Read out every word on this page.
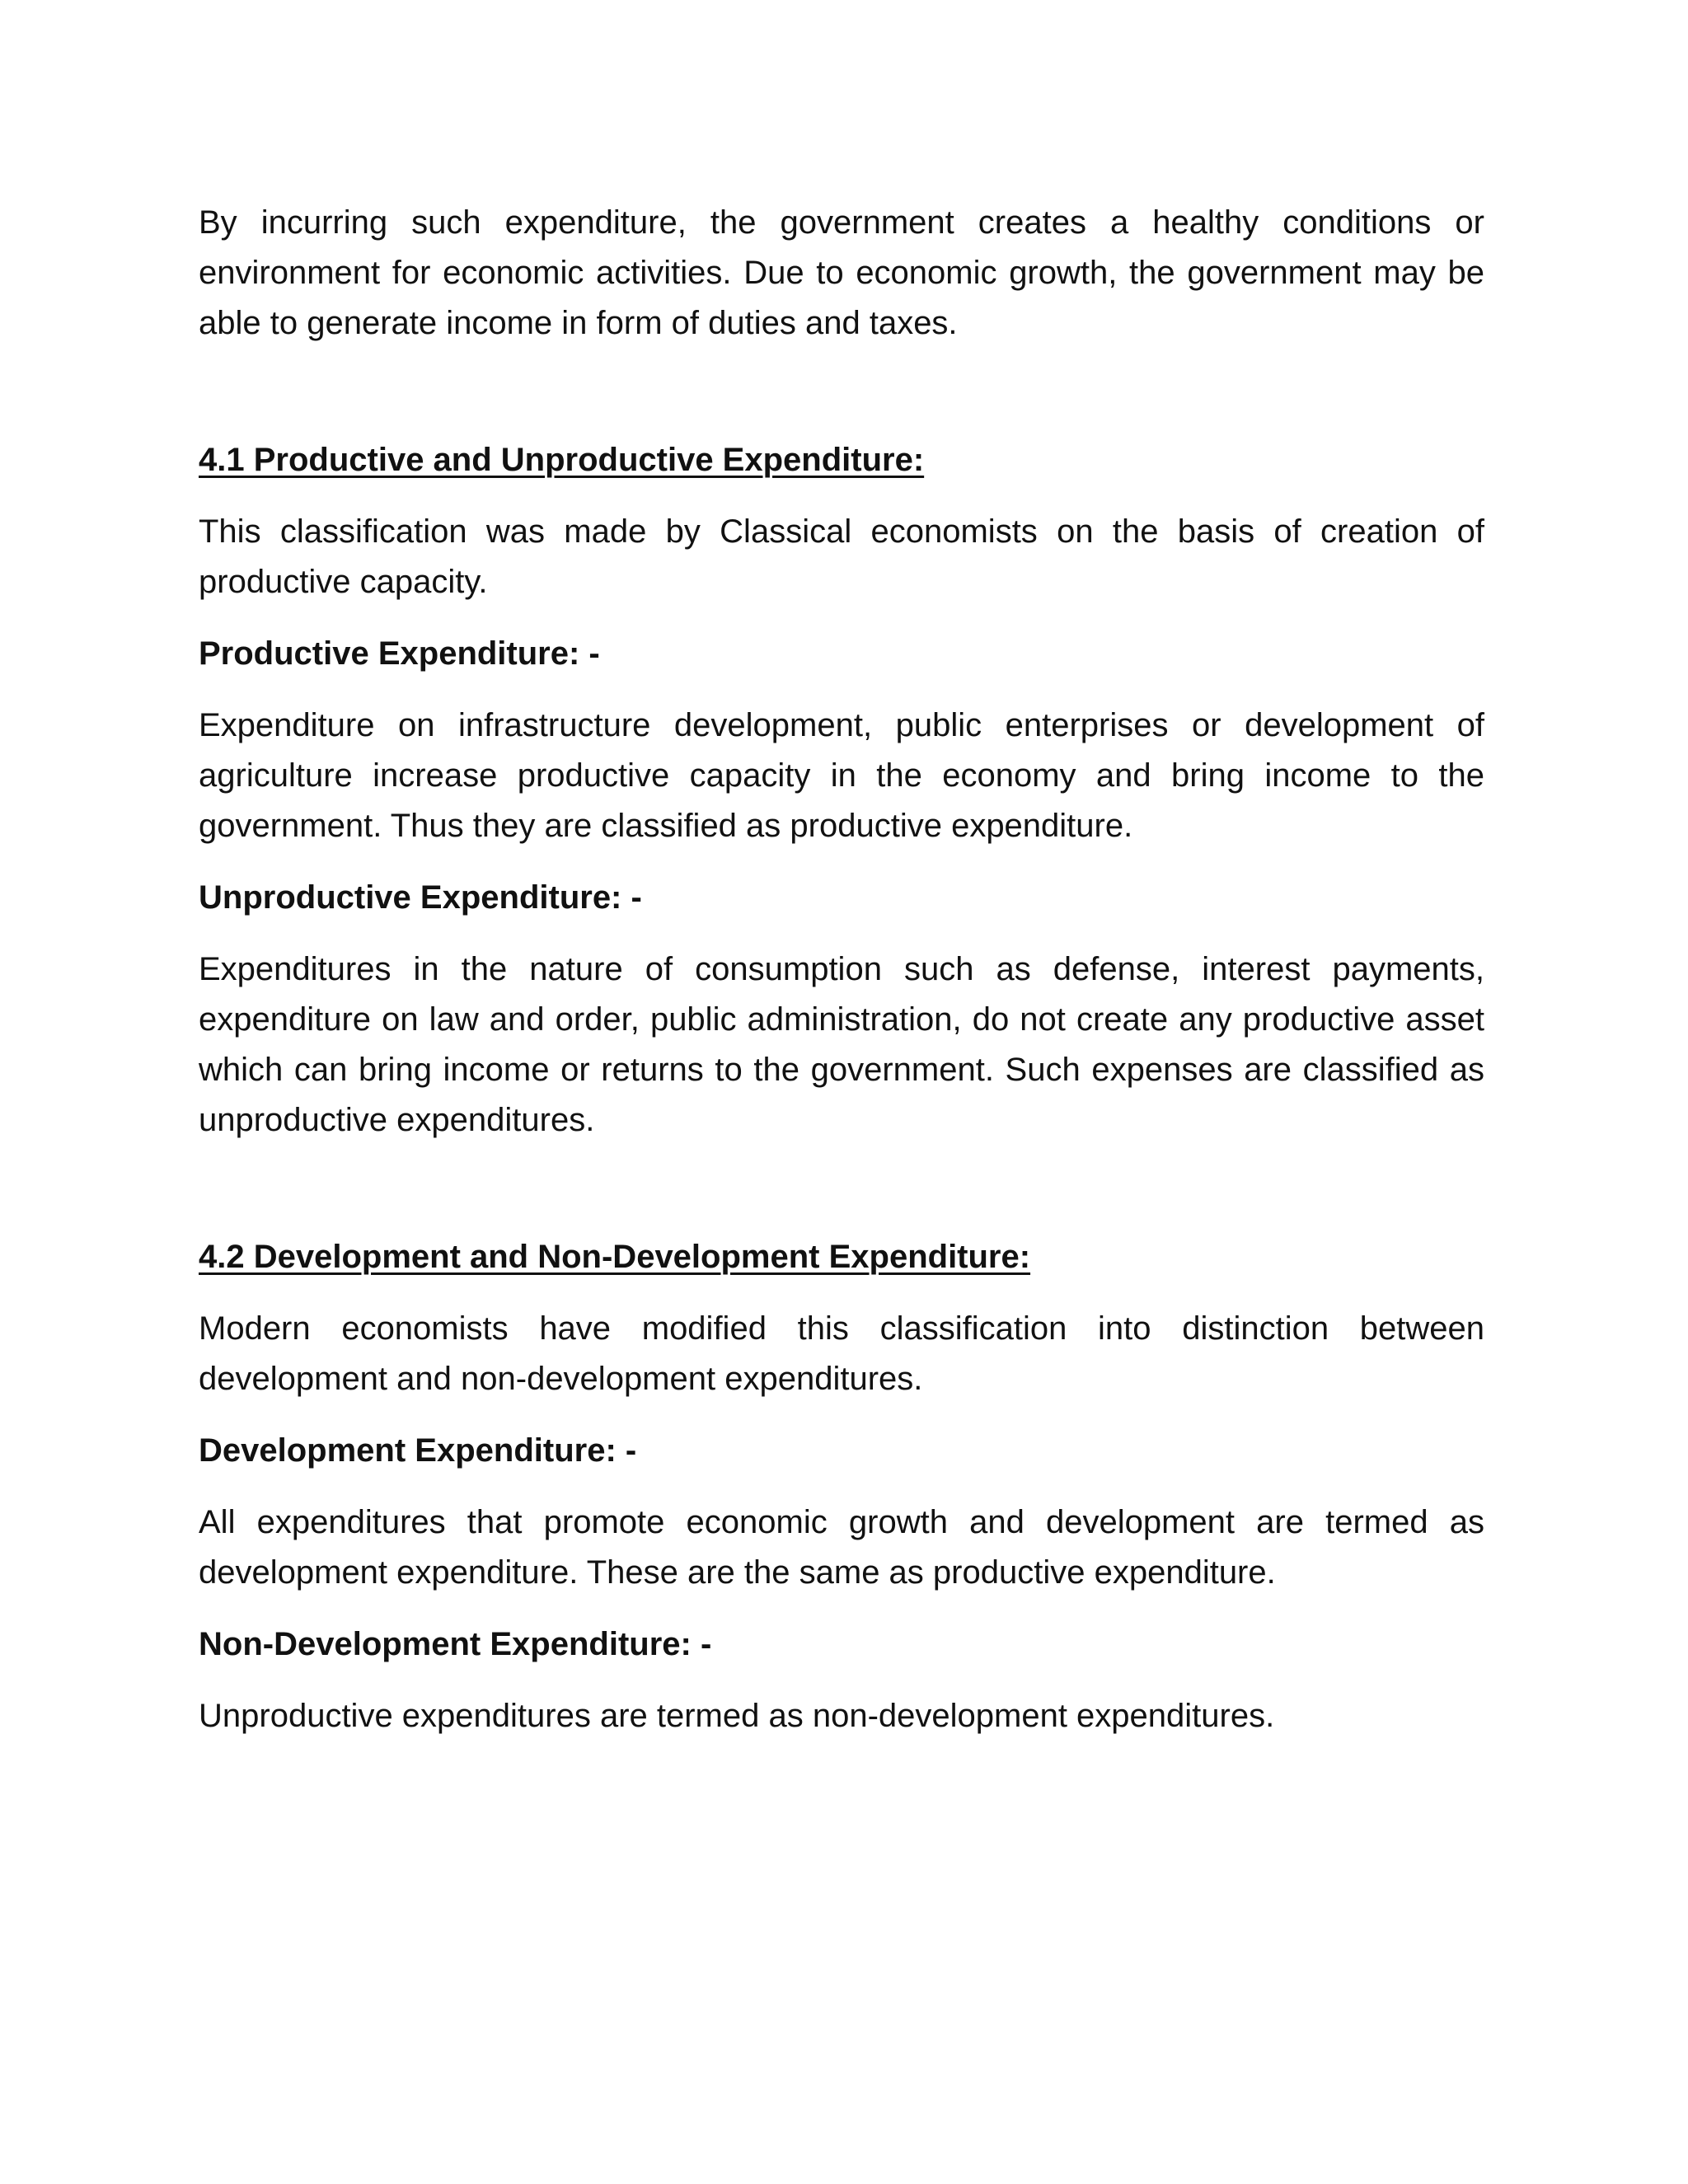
By incurring such expenditure, the government creates a healthy conditions or environment for economic activities. Due to economic growth, the government may be able to generate income in form of duties and taxes.

4.1 Productive and Unproductive Expenditure:

This classification was made by Classical economists on the basis of creation of productive capacity.

Productive Expenditure: -

Expenditure on infrastructure development, public enterprises or development of agriculture increase productive capacity in the economy and bring income to the government. Thus they are classified as productive expenditure.

Unproductive Expenditure: -

Expenditures in the nature of consumption such as defense, interest payments, expenditure on law and order, public administration, do not create any productive asset which can bring income or returns to the government. Such expenses are classified as unproductive expenditures.

4.2 Development and Non-Development Expenditure:

Modern economists have modified this classification into distinction between development and non-development expenditures.

Development Expenditure: -

All expenditures that promote economic growth and development are termed as development expenditure. These are the same as productive expenditure.

Non-Development Expenditure: -

Unproductive expenditures are termed as non-development expenditures.
